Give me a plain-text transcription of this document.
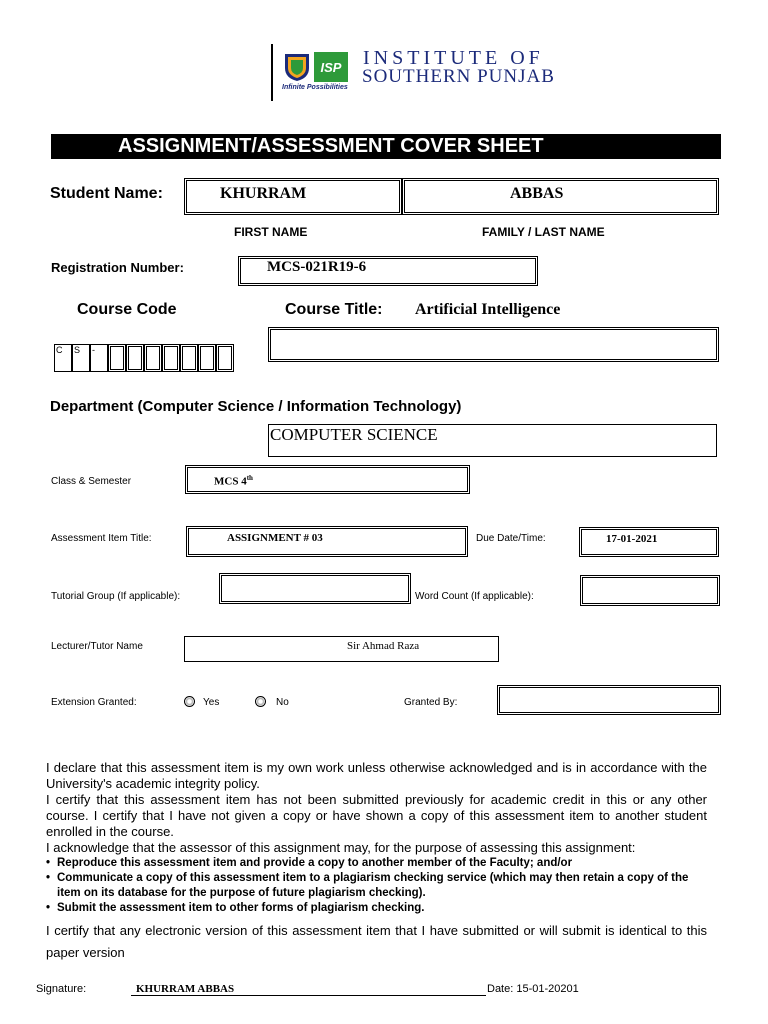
ISP
Infinite Possibilities
INSTITUTE OF
SOUTHERN PUNJAB
ASSIGNMENT/ASSESSMENT COVER SHEET
Student Name:	KHURRAM	ABBAS
FIRST NAME	FAMILY / LAST NAME
Registration Number:	MCS-021R19-6
Course Code	Course Title: Artificial Intelligence
C	S	-
Department (Computer Science / Information Technology)
COMPUTER SCIENCE
Class & Semester	MCS 4th
Assessment Item Title:	ASSIGNMENT # 03	Due Date/Time:	17-01-2021
Tutorial Group (If applicable):	Word Count (If applicable):
Lecturer/Tutor Name	Sir Ahmad Raza
Extension Granted:	Yes	No	Granted By:

I declare that this assessment item is my own work unless otherwise acknowledged and is in accordance with the University's academic integrity policy.

I certify that this assessment item has not been submitted previously for academic credit in this or any other course. I certify that I have not given a copy or have shown a copy of this assessment item to another student enrolled in the course.

I acknowledge that the assessor of this assignment may, for the purpose of assessing this assignment:

• Reproduce this assessment item and provide a copy to another member of the Faculty; and/or
• Communicate a copy of this assessment item to a plagiarism checking service (which may then retain a copy of the item on its database for the purpose of future plagiarism checking).
• Submit the assessment item to other forms of plagiarism checking.

I certify that any electronic version of this assessment item that I have submitted or will submit is identical to this paper version

Signature:	KHURRAM ABBAS	Date: 15-01-20201
